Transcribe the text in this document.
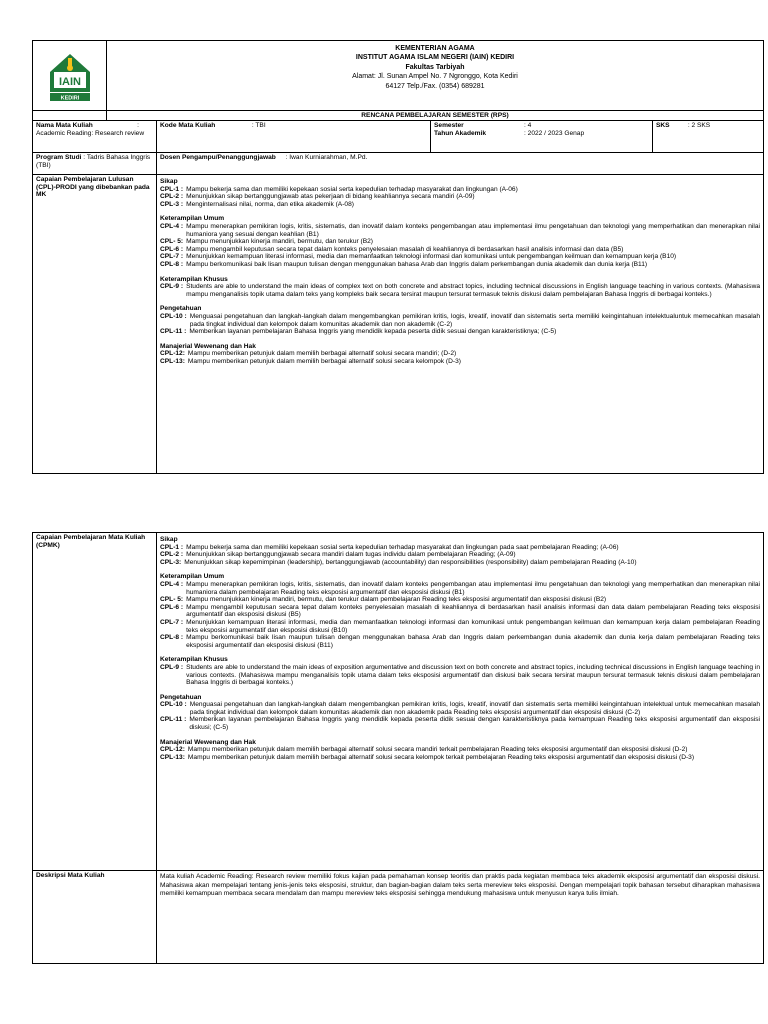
IAIN
KEDIRI
KEMENTERIAN AGAMA
INSTITUT AGAMA ISLAM NEGERI (IAIN) KEDIRI
Fakultas Tarbiyah
Alamat: Jl. Sunan Ampel No. 7 Ngronggo, Kota Kediri
64127 Telp./Fax. (0354) 689281
RENCANA PEMBELAJARAN SEMESTER (RPS)
Nama Mata Kuliah	:
Academic Reading: Research review
Kode Mata Kuliah	: TBI	Semester	: 4
Tahun Akademik	: 2022 / 2023 Genap
SKS	: 2 SKS
Program Studi : Tadris Bahasa Inggris (TBI)
Dosen Pengampu/Penanggungjawab : Iwan Kurniarahman, M.Pd.
Capaian Pembelajaran Lulusan (CPL)-PRODI yang dibebankan pada MK
Sikap
CPL-1 : Mampu bekerja sama dan memiliki kepekaan sosial serta kepedulian terhadap masyarakat dan lingkungan (A-06)
CPL-2 : Menunjukkan sikap bertanggungjawab atas pekerjaan di bidang keahliannya secara mandiri (A-09)
CPL-3 : Menginternalisasi nilai, norma, dan etika akademik (A-08)
Keterampilan Umum
CPL-4 : Mampu menerapkan pemikiran logis, kritis, sistematis, dan inovatif dalam konteks pengembangan atau implementasi ilmu pengetahuan dan teknologi yang memperhatikan dan menerapkan nilai humaniora yang sesuai dengan keahlian (B1)
CPL- 5: Mampu menunjukkan kinerja mandiri, bermutu, dan terukur (B2)
CPL-6 : Mampu mengambil keputusan secara tepat dalam konteks penyelesaian masalah di keahliannya di berdasarkan hasil analisis informasi dan data (B5)
CPL-7 : Menunjukkan kemampuan literasi informasi, media dan memanfaatkan teknologi informasi dan komunikasi untuk pengembangan keilmuan dan kemampuan kerja (B10)
CPL-8 : Mampu berkomunikasi baik lisan maupun tulisan dengan menggunakan bahasa Arab dan Inggris dalam perkembangan dunia akademik dan dunia kerja (B11)
Keterampilan Khusus
CPL-9 : Students are able to understand the main ideas of complex text on both concrete and abstract topics, including technical discussions in English language teaching in various contexts. (Mahasiswa mampu menganalisis topik utama dalam teks yang kompleks baik secara tersirat maupun tersurat termasuk teknis diskusi dalam pembelajaran Bahasa Inggris di berbagai konteks.)
Pengetahuan
CPL-10 : Menguasai pengetahuan dan langkah-langkah dalam mengembangkan pemikiran kritis, logis, kreatif, inovatif dan sistematis serta memiliki keingintahuan intelektualuntuk memecahkan masalah pada tingkat individual dan kelompok dalam komunitas akademik dan non akademik (C-2)
CPL-11 : Memberikan layanan pembelajaran Bahasa Inggris yang mendidik kepada peserta didik sesuai dengan karakteristiknya; (C-5)
Manajerial Wewenang dan Hak
CPL-12: Mampu memberikan petunjuk dalam memilih berbagai alternatif solusi secara mandiri; (D-2)
CPL-13: Mampu memberikan petunjuk dalam memilih berbagai alternatif solusi secara kelompok (D-3)
Capaian Pembelajaran Mata Kuliah (CPMK)
Sikap
CPL-1 : Mampu bekerja sama dan memiliki kepekaan sosial serta kepedulian terhadap masyarakat dan lingkungan pada saat pembelajaran Reading; (A-06)
CPL-2 : Menunjukkan sikap bertanggungjawab secara mandiri dalam tugas individu dalam pembelajaran Reading; (A-09)
CPL-3: Menunjukkan sikap kepemimpinan (leadership), bertanggungjawab (accountability) dan responsibilities (responsibility) dalam pembelajaran Reading (A-10)
Keterampilan Umum
CPL-4 : Mampu menerapkan pemikiran logis, kritis, sistematis, dan inovatif dalam konteks pengembangan atau implementasi ilmu pengetahuan dan teknologi yang memperhatikan dan menerapkan nilai humaniora dalam pembelajaran Reading teks eksposisi argumentatif dan eksposisi diskusi (B1)
CPL- 5: Mampu menunjukkan kinerja mandiri, bermutu, dan terukur dalam pembelajaran Reading teks eksposisi argumentatif dan eksposisi diskusi (B2)
CPL-6 : Mampu mengambil keputusan secara tepat dalam konteks penyelesaian masalah di keahliannya di berdasarkan hasil analisis informasi dan data dalam pembelajaran Reading teks eksposisi argumentatif dan eksposisi diskusi (B5)
CPL-7 : Menunjukkan kemampuan literasi informasi, media dan memanfaatkan teknologi informasi dan komunikasi untuk pengembangan keilmuan dan kemampuan kerja dalam pembelajaran Reading teks eksposisi argumentatif dan eksposisi diskusi (B10)
CPL-8 : Mampu berkomunikasi baik lisan maupun tulisan dengan menggunakan bahasa Arab dan Inggris dalam perkembangan dunia akademik dan dunia kerja dalam pembelajaran Reading teks eksposisi argumentatif dan eksposisi diskusi (B11)
Keterampilan Khusus
CPL-9 : Students are able to understand the main ideas of exposition argumentative and discussion text on both concrete and abstract topics, including technical discussions in English language teaching in various contexts. (Mahasiswa mampu menganalisis topik utama dalam teks eksposisi argumentatif dan diskusi baik secara tersirat maupun tersurat termasuk teknis diskusi dalam pembelajaran Bahasa Inggris di berbagai konteks.)
Pengetahuan
CPL-10 : Menguasai pengetahuan dan langkah-langkah dalam mengembangkan pemikiran kritis, logis, kreatif, inovatif dan sistematis serta memiliki keingintahuan intelektual untuk memecahkan masalah pada tingkat individual dan kelompok dalam komunitas akademik dan non akademik pada Reading teks eksposisi argumentatif dan eksposisi diskusi (C-2)
CPL-11 : Memberikan layanan pembelajaran Bahasa Inggris yang mendidik kepada peserta didik sesuai dengan karakteristiknya pada kemampuan Reading teks eksposisi argumentatif dan eksposisi diskusi; (C-5)
Manajerial Wewenang dan Hak
CPL-12: Mampu memberikan petunjuk dalam memilih berbagai alternatif solusi secara mandiri terkait pembelajaran Reading teks eksposisi argumentatif dan eksposisi diskusi (D-2)
CPL-13: Mampu memberikan petunjuk dalam memilih berbagai alternatif solusi secara kelompok terkait pembelajaran Reading teks eksposisi argumentatif dan eksposisi diskusi (D-3)
Deskripsi Mata Kuliah	Mata kuliah Academic Reading: Research review memiliki fokus kajian pada pemahaman konsep teoritis dan praktis pada kegiatan membaca teks akademik eksposisi argumentatif dan eksposisi diskusi. Mahasiswa akan mempelajari tentang jenis-jenis teks eksposisi, struktur, dan bagian-bagian dalam teks serta mereview teks eksposisi. Dengan mempelajari topik bahasan tersebut diharapkan mahasiswa memiliki kemampuan membaca secara mendalam dan mampu mereview teks eksposisi sehingga mendukung mahasiswa untuk menyusun karya tulis ilmiah.
